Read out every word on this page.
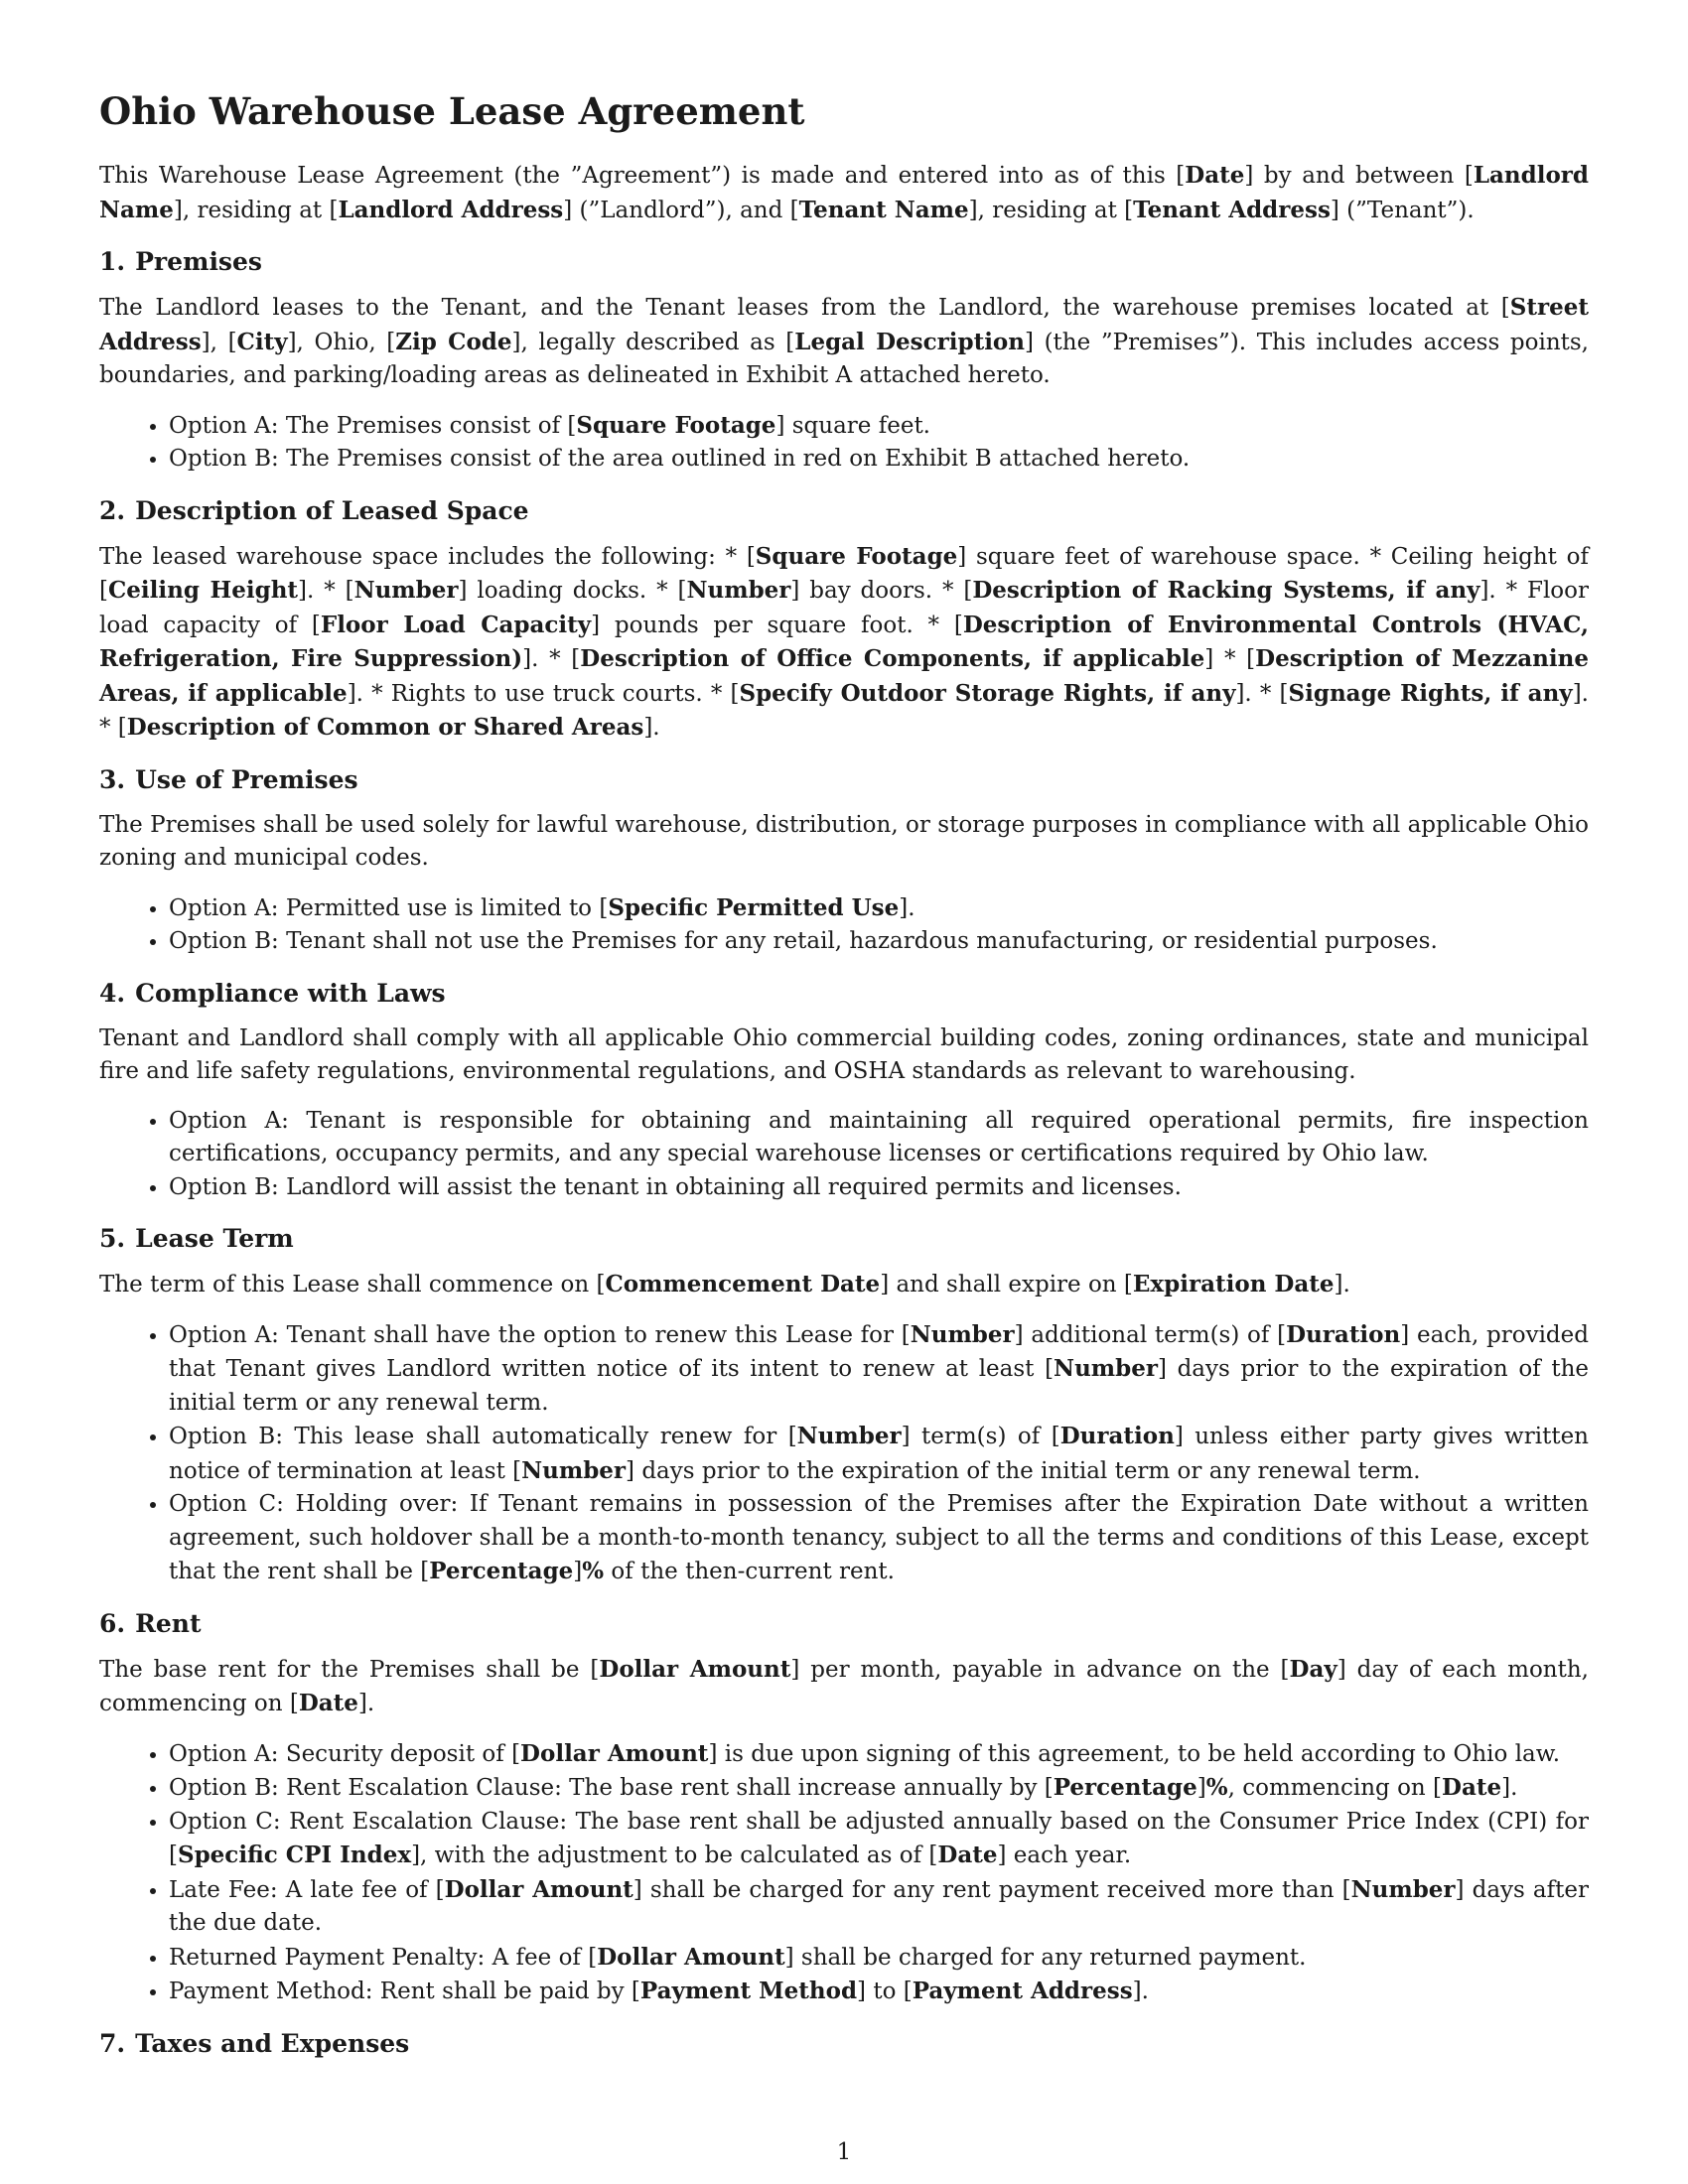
Ohio Warehouse Lease Agreement

This Warehouse Lease Agreement (the ”Agreement”) is made and entered into as of this [Date] by and between [Landlord Name], residing at [Landlord Address] (”Landlord”), and [Tenant Name], residing at [Tenant Address] (”Tenant”).

1. Premises

The Landlord leases to the Tenant, and the Tenant leases from the Landlord, the warehouse premises located at [Street Address], [City], Ohio, [Zip Code], legally described as [Legal Description] (the ”Premises”). This includes access points, boundaries, and parking/loading areas as delineated in Exhibit A attached hereto.

• Option A: The Premises consist of [Square Footage] square feet.
• Option B: The Premises consist of the area outlined in red on Exhibit B attached hereto.
2. Description of Leased Space

The leased warehouse space includes the following: * [Square Footage] square feet of warehouse space. * Ceiling height of [Ceiling Height]. * [Number] loading docks. * [Number] bay doors. * [Description of Racking Systems, if any]. * Floor load capacity of [Floor Load Capacity] pounds per square foot. * [Description of Environmental Controls (HVAC, Refrigeration, Fire Suppression)]. * [Description of Office Components, if applicable] * [Description of Mezzanine Areas, if applicable]. * Rights to use truck courts. * [Specify Outdoor Storage Rights, if any]. * [Signage Rights, if any]. * [Description of Common or Shared Areas].

3. Use of Premises

The Premises shall be used solely for lawful warehouse, distribution, or storage purposes in compliance with all applicable Ohio zoning and municipal codes.

• Option A: Permitted use is limited to [Specific Permitted Use].
• Option B: Tenant shall not use the Premises for any retail, hazardous manufacturing, or residential purposes.
4. Compliance with Laws

Tenant and Landlord shall comply with all applicable Ohio commercial building codes, zoning ordinances, state and municipal fire and life safety regulations, environmental regulations, and OSHA standards as relevant to warehousing.

• Option A: Tenant is responsible for obtaining and maintaining all required operational permits, fire inspection certifications, occupancy permits, and any special warehouse licenses or certifications required by Ohio law.
• Option B: Landlord will assist the tenant in obtaining all required permits and licenses.
5. Lease Term

The term of this Lease shall commence on [Commencement Date] and shall expire on [Expiration Date].

• Option A: Tenant shall have the option to renew this Lease for [Number] additional term(s) of [Duration] each, provided that Tenant gives Landlord written notice of its intent to renew at least [Number] days prior to the expiration of the initial term or any renewal term.
• Option B: This lease shall automatically renew for [Number] term(s) of [Duration] unless either party gives written notice of termination at least [Number] days prior to the expiration of the initial term or any renewal term.
• Option C: Holding over: If Tenant remains in possession of the Premises after the Expiration Date without a written agreement, such holdover shall be a month-to-month tenancy, subject to all the terms and conditions of this Lease, except that the rent shall be [Percentage]% of the then-current rent.
6. Rent

The base rent for the Premises shall be [Dollar Amount] per month, payable in advance on the [Day] day of each month, commencing on [Date].

• Option A: Security deposit of [Dollar Amount] is due upon signing of this agreement, to be held according to Ohio law.
• Option B: Rent Escalation Clause: The base rent shall increase annually by [Percentage]%, commencing on [Date].
• Option C: Rent Escalation Clause: The base rent shall be adjusted annually based on the Consumer Price Index (CPI) for [Specific CPI Index], with the adjustment to be calculated as of [Date] each year.
• Late Fee: A late fee of [Dollar Amount] shall be charged for any rent payment received more than [Number] days after the due date.
• Returned Payment Penalty: A fee of [Dollar Amount] shall be charged for any returned payment.
• Payment Method: Rent shall be paid by [Payment Method] to [Payment Address].
7. Taxes and Expenses
1
